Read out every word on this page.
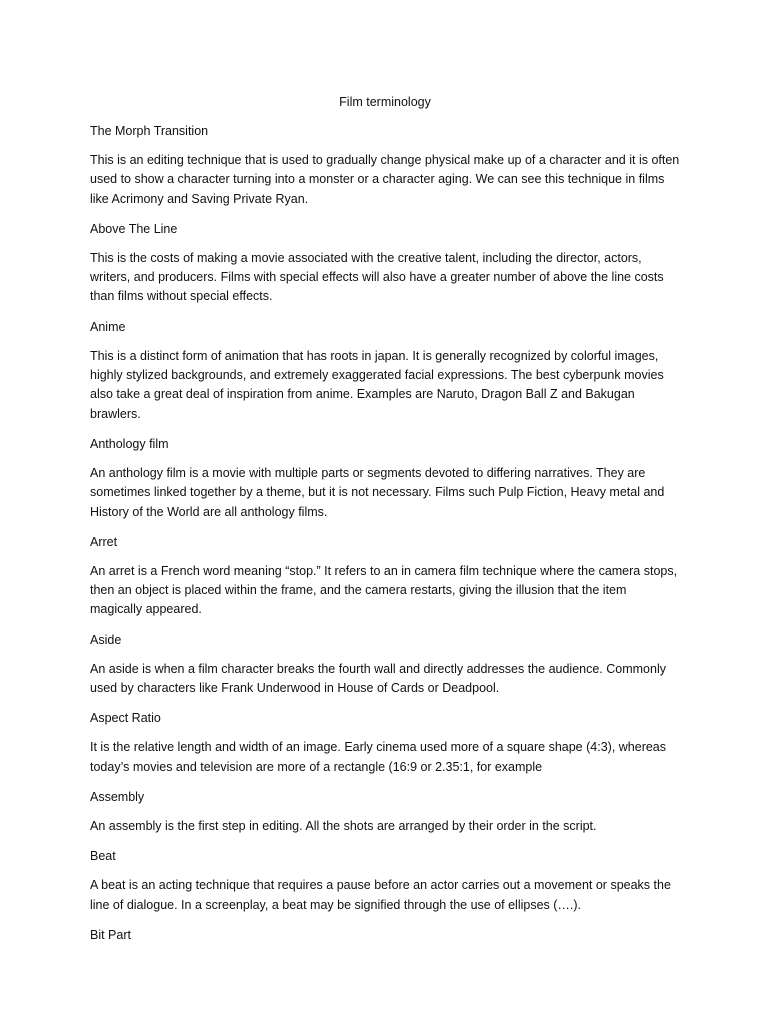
Film terminology
The Morph Transition
This is an editing technique that is used to gradually change physical make up of a character and it is often used to show a character turning into a monster or a character aging. We can see this technique in films like Acrimony and Saving Private Ryan.
Above The Line
This is the costs of making a movie associated with the creative talent, including the director, actors, writers, and producers. Films with special effects will also have a greater number of above the line costs than films without special effects.
Anime
This is a distinct form of animation that has roots in japan. It is generally recognized by colorful images, highly stylized backgrounds, and extremely exaggerated facial expressions. The best cyberpunk movies also take a great deal of inspiration from anime. Examples are Naruto, Dragon Ball Z and Bakugan brawlers.
Anthology film
An anthology film is a movie with multiple parts or segments devoted to differing narratives. They are sometimes linked together by a theme, but it is not necessary. Films such Pulp Fiction, Heavy metal and History of the World are all anthology films.
Arret
An arret is a French word meaning “stop.” It refers to an in camera film technique where the camera stops, then an object is placed within the frame, and the camera restarts, giving the illusion that the item magically appeared.
Aside
An aside is when a film character breaks the fourth wall and directly addresses the audience. Commonly used by characters like Frank Underwood in House of Cards or Deadpool.
Aspect Ratio
It is the relative length and width of an image. Early cinema used more of a square shape (4:3), whereas today’s movies and television are more of a rectangle (16:9 or 2.35:1, for example
Assembly
An assembly is the first step in editing. All the shots are arranged by their order in the script.
Beat
A beat is an acting technique that requires a pause before an actor carries out a movement or speaks the line of dialogue. In a screenplay, a beat may be signified through the use of ellipses (….).
Bit Part
